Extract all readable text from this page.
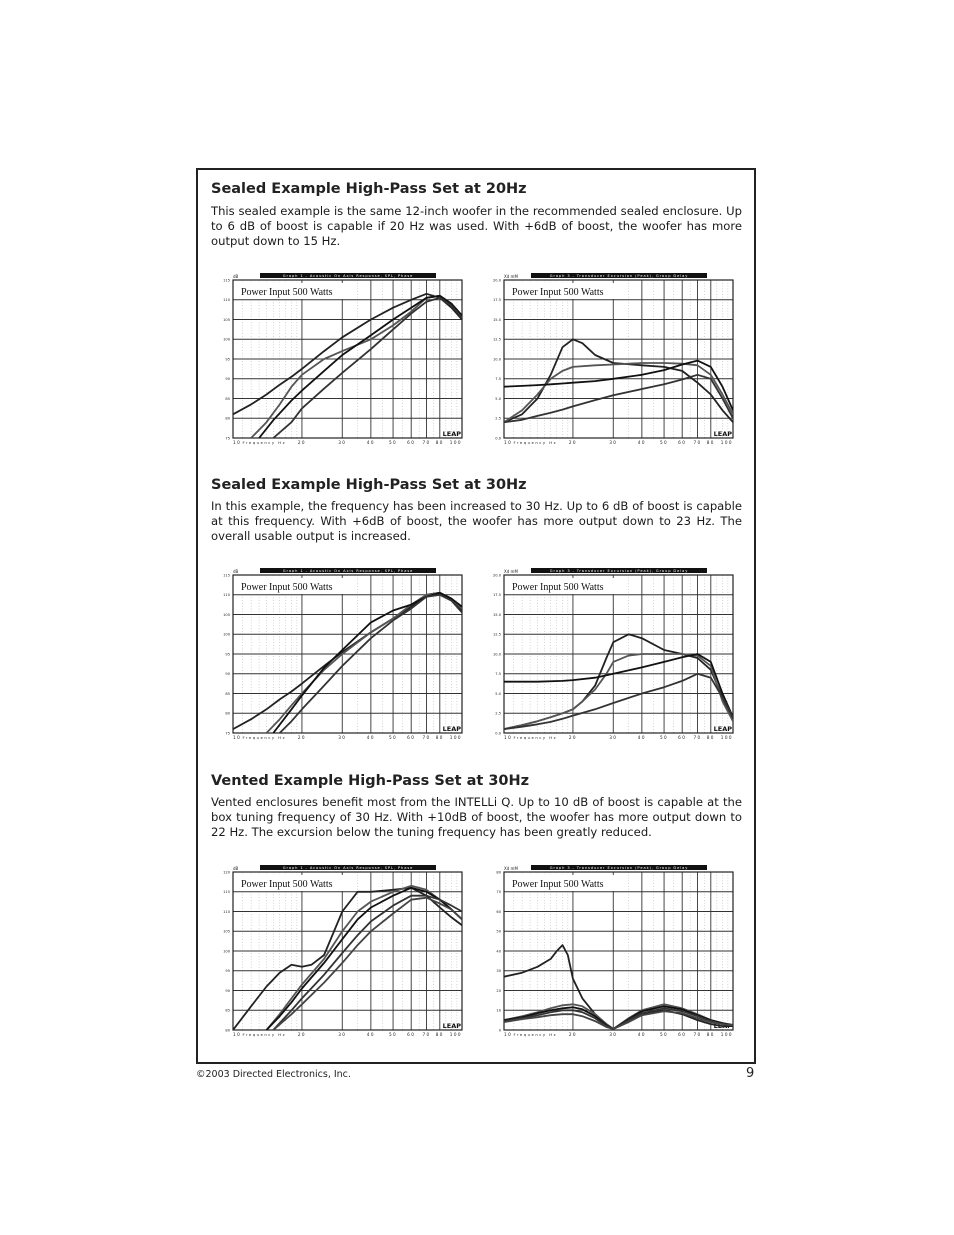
Sealed Example High-Pass Set at 20Hz

This sealed example is the same 12-inch woofer in the recommended sealed enclosure. Up to 6 dB of boost is capable if 20 Hz was used. With +6dB of boost, the woofer has more output down to 15 Hz.

Graph 1 - Acoustic On Axis Response, SPL, Phase
dB
75
80
85
90
95
100
105
110
115
10	20	30	40	50 60 70 80 100
Frequency Hz
Power Input 500 Watts
LEAP
Graph 3 - Transducer Excursion (Peak), Group Delay
Xd mM
0.0
2.5
5.0
7.5
10.0
12.5
15.0
17.5
20.0
10	20	30	40	50 60 70 80 100
Frequency Hz
Power Input 500 Watts
LEAP
Sealed Example High-Pass Set at 30Hz

In this example, the frequency has been increased to 30 Hz. Up to 6 dB of boost is capable at this frequency. With +6dB of boost, the woofer has more output down to 23 Hz. The overall usable output is increased.

Graph 1 - Acoustic On Axis Response, SPL, Phase
dB
75
80
85
90
95
100
105
110
115
10	20	30	40	50 60 70 80 100
Frequency Hz
Power Input 500 Watts
LEAP
Graph 3 - Transducer Excursion (Peak), Group Delay
Xd mM
0.0
2.5
5.0
7.5
10.0
12.5
15.0
17.5
20.0
10	20	30	40	50 60 70 80 100
Frequency Hz
Power Input 500 Watts
LEAP
Vented Example High-Pass Set at 30Hz

Vented enclosures benefit most from the INTELLi Q. Up to 10 dB of boost is capable at the box tuning frequency of 30 Hz. With +10dB of boost, the woofer has more output down to 22 Hz. The excursion below the tuning frequency has been greatly reduced.

Graph 1 - Acoustic On Axis Response, SPL, Phase
dB
80
85
90
95
100
105
110
115
120
10	20	30	40	50 60 70 80 100
Frequency Hz
Power Input 500 Watts
LEAP
Graph 3 - Transducer Excursion (Peak), Group Delay
Xd mM
0
10
20
30
40
50
60
70
80
10	20	30	40	50 60 70 80 100
Frequency Hz
Power Input 500 Watts
LEAP
©2003 Directed Electronics, Inc.	9
